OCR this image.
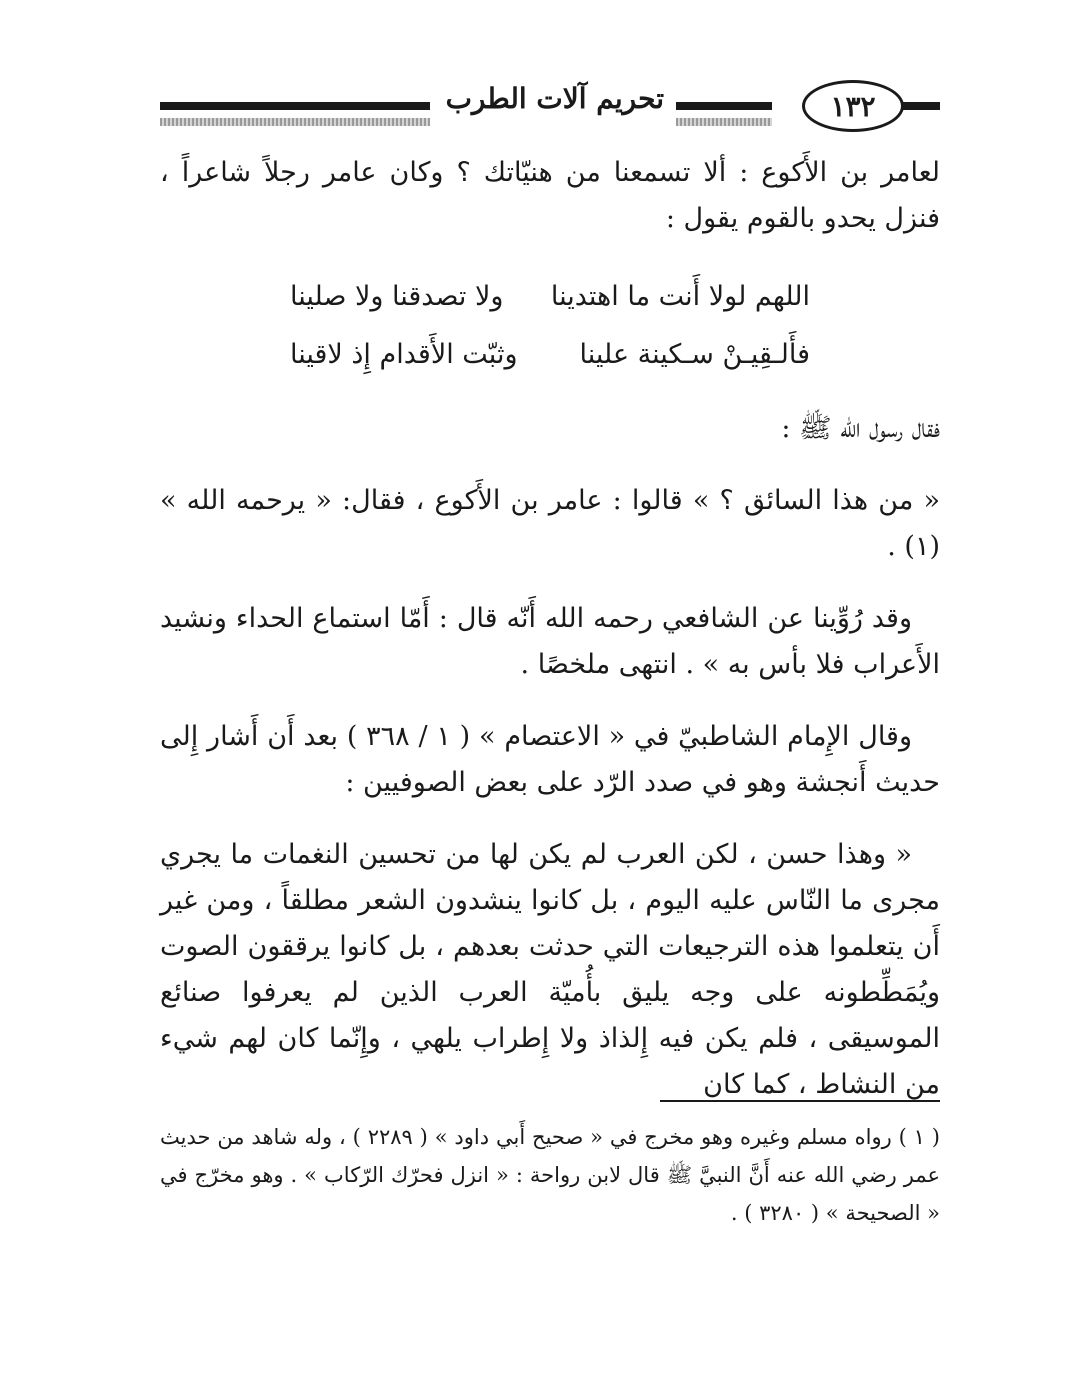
١٣٢
تحريم آلات الطرب

لعامر بن الأَكوع : ألا تسمعنا من هنيّاتك ؟ وكان عامر رجلاً شاعراً ، فنزل يحدو بالقوم يقول :

اللهم لولا أَنت ما اهتدينا
ولا تصدقنا ولا صلينا
فأَلـقِيـنْ سـكينة علينا
وثبّت الأَقدام إِذ لاقينا

فقال رسول الله ﷺ :

« من هذا السائق ؟ » قالوا : عامر بن الأَكوع ، فقال: « يرحمه الله » (١) .

وقد رُوِّينا عن الشافعي رحمه الله أَنّه قال : أَمّا استماع الحداء ونشيد الأَعراب فلا بأس به » . انتهى ملخصًا .

وقال الإِمام الشاطبيّ في « الاعتصام » ( ١ / ٣٦٨ ) بعد أَن أَشار إِلى حديث أَنجشة وهو في صدد الرّد على بعض الصوفيين :

« وهذا حسن ، لكن العرب لم يكن لها من تحسين النغمات ما يجري مجرى ما النّاس عليه اليوم ، بل كانوا ينشدون الشعر مطلقاً ، ومن غير أَن يتعلموا هذه الترجيعات التي حدثت بعدهم ، بل كانوا يرققون الصوت ويُمَطِّطونه على وجه يليق بأُميّة العرب الذين لم يعرفوا صنائع الموسيقى ، فلم يكن فيه إِلذاذ ولا إِطراب يلهي ، وإِنّما كان لهم شيء من النشاط ، كما كان

( ١ ) رواه مسلم وغيره وهو مخرج في « صحيح أَبي داود » ( ٢٢٨٩ ) ، وله شاهد من حديث عمر رضي الله عنه أَنَّ النبيَّ ﷺ قال لابن رواحة : « انزل فحرّك الرّكاب » . وهو مخرّج في « الصحيحة » ( ٣٢٨٠ ) .
